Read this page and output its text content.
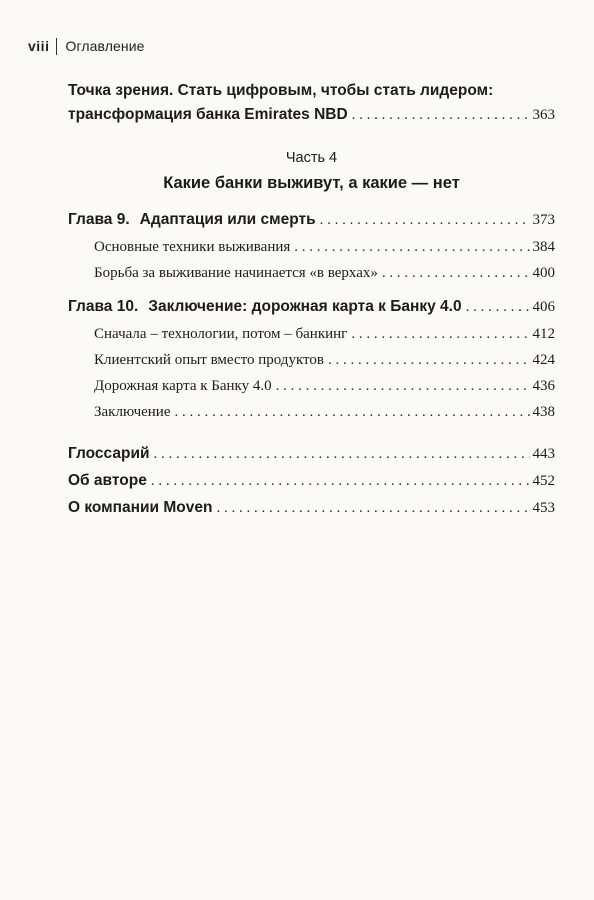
viii Оглавление
Точка зрения. Стать цифровым, чтобы стать лидером:
трансформация банка Emirates NBD . . .	363
Часть 4
Какие банки выживут, а какие — нет
Глава 9. Адаптация или смерть . . .	373
Основные техники выживания . . .	384
Борьба за выживание начинается «в верхах» . . .	400
Глава 10. Заключение: дорожная карта к Банку 4.0 . . .	406
Сначала – технологии, потом – банкинг . . .	412
Клиентский опыт вместо продуктов . . .	424
Дорожная карта к Банку 4.0 . . .	436
Заключение . . .	438
Глоссарий . . .	443
Об авторе . . .	452
О компании Moven . . .	453
